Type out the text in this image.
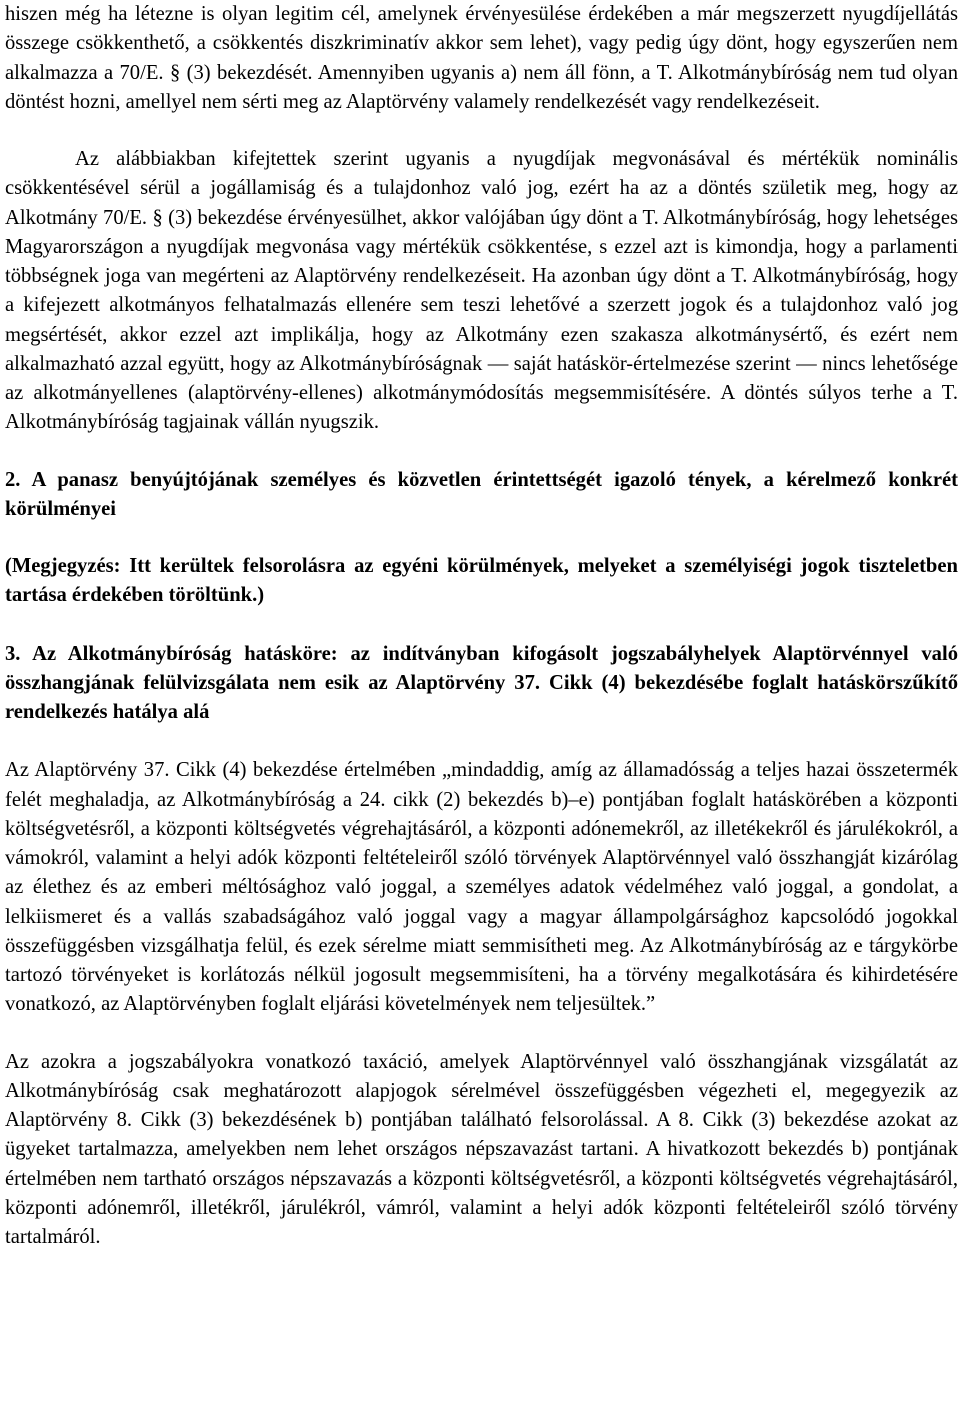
hiszen még ha létezne is olyan legitim cél, amelynek érvényesülése érdekében a már megszerzett nyugdíjellátás összege csökkenthető, a csökkentés diszkriminatív akkor sem lehet), vagy pedig úgy dönt, hogy egyszerűen nem alkalmazza a 70/E. § (3) bekezdését. Amennyiben ugyanis a) nem áll fönn, a T. Alkotmánybíróság nem tud olyan döntést hozni, amellyel nem sérti meg az Alaptörvény valamely rendelkezését vagy rendelkezéseit.

Az alábbiakban kifejtettek szerint ugyanis a nyugdíjak megvonásával és mértékük nominális csökkentésével sérül a jogállamiság és a tulajdonhoz való jog, ezért ha az a döntés születik meg, hogy az Alkotmány 70/E. § (3) bekezdése érvényesülhet, akkor valójában úgy dönt a T. Alkotmánybíróság, hogy lehetséges Magyarországon a nyugdíjak megvonása vagy mértékük csökkentése, s ezzel azt is kimondja, hogy a parlamenti többségnek joga van megérteni az Alaptörvény rendelkezéseit. Ha azonban úgy dönt a T. Alkotmánybíróság, hogy a kifejezett alkotmányos felhatalmazás ellenére sem teszi lehetővé a szerzett jogok és a tulajdonhoz való jog megsértését, akkor ezzel azt implikálja, hogy az Alkotmány ezen szakasza alkotmánysértő, és ezért nem alkalmazható azzal együtt, hogy az Alkotmánybíróságnak — saját hatáskör-értelmezése szerint — nincs lehetősége az alkotmányellenes (alaptörvény-ellenes) alkotmánymódosítás megsemmisítésére. A döntés súlyos terhe a T. Alkotmánybíróság tagjainak vállán nyugszik.

2. A panasz benyújtójának személyes és közvetlen érintettségét igazoló tények, a kérelmező konkrét körülményei

(Megjegyzés: Itt kerültek felsorolásra az egyéni körülmények, melyeket a személyiségi jogok tiszteletben tartása érdekében töröltünk.)

3. Az Alkotmánybíróság hatásköre: az indítványban kifogásolt jogszabályhelyek Alaptörvénnyel való összhangjának felülvizsgálata nem esik az Alaptörvény 37. Cikk (4) bekezdésébe foglalt hatáskörszűkítő rendelkezés hatálya alá

Az Alaptörvény 37. Cikk (4) bekezdése értelmében „mindaddig, amíg az államadósság a teljes hazai összetermék felét meghaladja, az Alkotmánybíróság a 24. cikk (2) bekezdés b)–e) pontjában foglalt hatáskörében a központi költségvetésről, a központi költségvetés végrehajtásáról, a központi adónemekről, az illetékekről és járulékokról, a vámokról, valamint a helyi adók központi feltételeiről szóló törvények Alaptörvénnyel való összhangját kizárólag az élethez és az emberi méltósághoz való joggal, a személyes adatok védelméhez való joggal, a gondolat, a lelkiismeret és a vallás szabadságához való joggal vagy a magyar állampolgársághoz kapcsolódó jogokkal összefüggésben vizsgálhatja felül, és ezek sérelme miatt semmisítheti meg. Az Alkotmánybíróság az e tárgykörbe tartozó törvényeket is korlátozás nélkül jogosult megsemmisíteni, ha a törvény megalkotására és kihirdetésére vonatkozó, az Alaptörvényben foglalt eljárási követelmények nem teljesültek.”

Az azokra a jogszabályokra vonatkozó taxáció, amelyek Alaptörvénnyel való összhangjának vizsgálatát az Alkotmánybíróság csak meghatározott alapjogok sérelmével összefüggésben végezheti el, megegyezik az Alaptörvény 8. Cikk (3) bekezdésének b) pontjában található felsorolással. A 8. Cikk (3) bekezdése azokat az ügyeket tartalmazza, amelyekben nem lehet országos népszavazást tartani. A hivatkozott bekezdés b) pontjának értelmében nem tartható országos népszavazás a központi költségvetésről, a központi költségvetés végrehajtásáról, központi adónemről, illetékről, járulékról, vámról, valamint a helyi adók központi feltételeiről szóló törvény tartalmáról.
